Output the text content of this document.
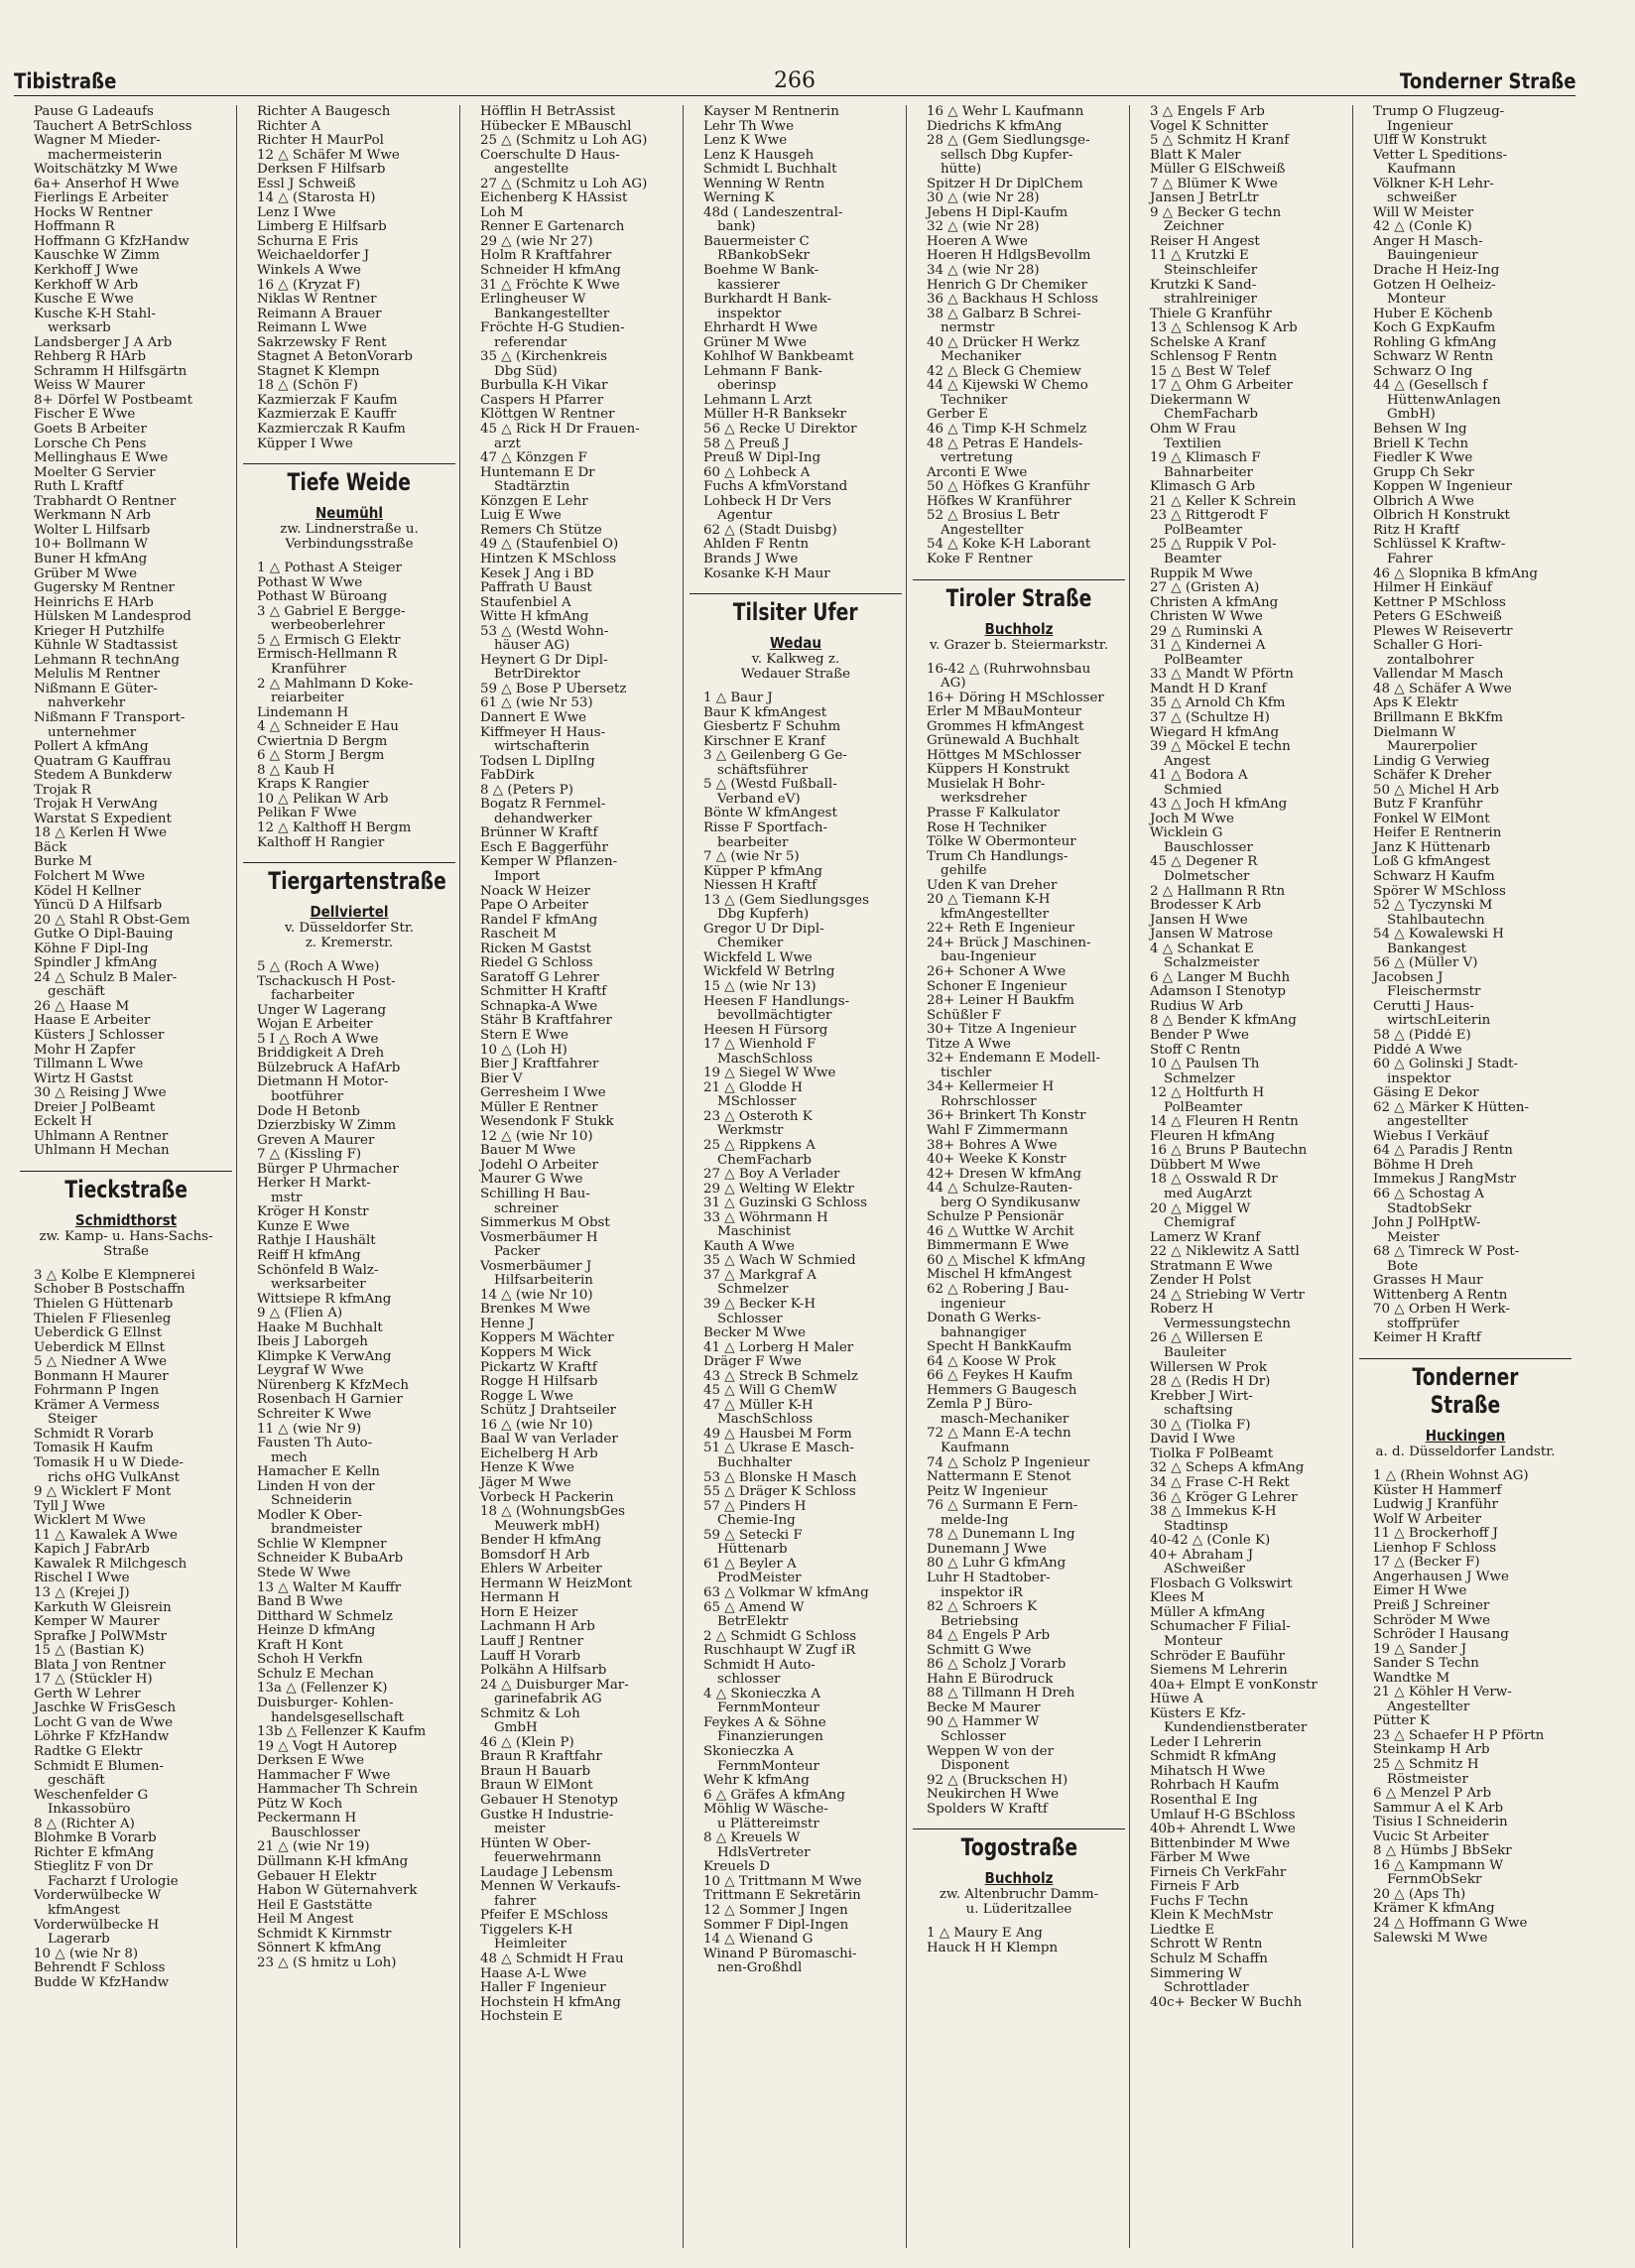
Tibistraße	266	Tonderner Straße
Pause G Ladeaufs
Tauchert A BetrSchloss
Wagner M Mieder-
machermeisterin
Woitschätzky M Wwe
6a+ Anserhof H Wwe
Fierlings E Arbeiter
Hocks W Rentner
Hoffmann R
Hoffmann G KfzHandw
Kauschke W Zimm
Kerkhoff J Wwe
Kerkhoff W Arb
Kusche E Wwe
Kusche K-H Stahl-
werksarb
Landsberger J A Arb
Rehberg R HArb
Schramm H Hilfsgärtn
Weiss W Maurer
8+ Dörfel W Postbeamt
Fischer E Wwe
Goets B Arbeiter
Lorsche Ch Pens
Mellinghaus E Wwe
Moelter G Servier
Ruth L Kraftf
Trabhardt O Rentner
Werkmann N Arb
Wolter L Hilfsarb
10+ Bollmann W
Buner H kfmAng
Grüber M Wwe
Gugersky M Rentner
Heinrichs E HArb
Hülsken M Landesprod
Krieger H Putzhilfe
Kühnle W Stadtassist
Lehmann R technAng
Melulis M Rentner
Nißmann E Güter-
nahverkehr
Nißmann F Transport-
unternehmer
Pollert A kfmAng
Quatram G Kauffrau
Stedem A Bunkderw
Trojak R
Trojak H VerwAng
Warstat S Expedient
18 △ Kerlen H Wwe
Bäck
Burke M
Folchert M Wwe
Ködel H Kellner
Yüncü D A Hilfsarb
20 △ Stahl R Obst-Gem
Gutke O Dipl-Bauing
Köhne F Dipl-Ing
Spindler J kfmAng
24 △ Schulz B Maler-
geschäft
26 △ Haase M
Haase E Arbeiter
Küsters J Schlosser
Mohr H Zapfer
Tillmann L Wwe
Wirtz H Gastst
30 △ Reising J Wwe
Dreier J PolBeamt
Eckelt H
Uhlmann A Rentner
Uhlmann H Mechan
Tieckstraße
Schmidthorst
zw. Kamp- u. Hans-Sachs-
Straße
3 △ Kolbe E Klempnerei
Schober B Postschaffn
Thielen G Hüttenarb
Thielen F Fliesenleg
Ueberdick G Ellnst
Ueberdick M Ellnst
5 △ Niedner A Wwe
Bonmann H Maurer
Fohrmann P Ingen
Krämer A Vermess
Steiger
Schmidt R Vorarb
Tomasik H Kaufm
Tomasik H u W Diede-
richs oHG VulkAnst
9 △ Wicklert F Mont
Tyll J Wwe
Wicklert M Wwe
11 △ Kawalek A Wwe
Kapich J FabrArb
Kawalek R Milchgesch
Rischel I Wwe
13 △ (Krejei J)
Karkuth W Gleisrein
Kemper W Maurer
Sprafke J PolWMstr
15 △ (Bastian K)
Blata J von Rentner
17 △ (Stückler H)
Gerth W Lehrer
Jaschke W FrisGesch
Locht G van de Wwe
Löhrke F KfzHandw
Radtke G Elektr
Schmidt E Blumen-
geschäft
Weschenfelder G
Inkassobüro
8 △ (Richter A)
Blohmke B Vorarb
Richter E kfmAng
Stieglitz F von Dr
Facharzt f Urologie
Vorderwülbecke W
kfmAngest
Vorderwülbecke H
Lagerarb
10 △ (wie Nr 8)
Behrendt F Schloss
Budde W KfzHandw
Richter A Baugesch
Richter A
Richter H MaurPol
12 △ Schäfer M Wwe
Derksen F Hilfsarb
Essl J Schweiß
14 △ (Starosta H)
Lenz I Wwe
Limberg E Hilfsarb
Schurna E Fris
Weichaeldorfer J
Winkels A Wwe
16 △ (Kryzat F)
Niklas W Rentner
Reimann A Brauer
Reimann L Wwe
Sakrzewsky F Rent
Stagnet A BetonVorarb
Stagnet K Klempn
18 △ (Schön F)
Kazmierzak F Kaufm
Kazmierzak E Kauffr
Kazmierczak R Kaufm
Küpper I Wwe
Tiefe Weide
Neumühl
zw. Lindnerstraße u.
Verbindungsstraße
1 △ Pothast A Steiger
Pothast W Wwe
Pothast W Büroang
3 △ Gabriel E Bergge-
werbeoberlehrer
5 △ Ermisch G Elektr
Ermisch-Hellmann R
Kranführer
2 △ Mahlmann D Koke-
reiarbeiter
Lindemann H
4 △ Schneider E Hau
Cwiertnia D Bergm
6 △ Storm J Bergm
8 △ Kaub H
Kraps K Rangier
10 △ Pelikan W Arb
Pelikan F Wwe
12 △ Kalthoff H Bergm
Kalthoff H Rangier
Tiergartenstraße
Dellviertel
v. Düsseldorfer Str.
z. Kremerstr.
5 △ (Roch A Wwe)
Tschackusch H Post-
facharbeiter
Unger W Lagerang
Wojan E Arbeiter
5 I △ Roch A Wwe
Briddigkeit A Dreh
Bülzebruck A HafArb
Dietmann H Motor-
bootführer
Dode H Betonb
Dzierzbisky W Zimm
Greven A Maurer
7 △ (Kissling F)
Bürger P Uhrmacher
Herker H Markt-
mstr
Kröger H Konstr
Kunze E Wwe
Rathje I Haushält
Reiff H kfmAng
Schönfeld B Walz-
werksarbeiter
Wittsiepe R kfmAng
9 △ (Flien A)
Haake M Buchhalt
Ibeis J Laborgeh
Klimpke K VerwAng
Leygraf W Wwe
Nürenberg K KfzMech
Rosenbach H Garnier
Schreiter K Wwe
11 △ (wie Nr 9)
Fausten Th Auto-
mech
Hamacher E Kelln
Linden H von der
Schneiderin
Modler K Ober-
brandmeister
Schlie W Klempner
Schneider K BubaArb
Stede W Wwe
13 △ Walter M Kauffr
Band B Wwe
Ditthard W Schmelz
Heinze D kfmAng
Kraft H Kont
Schoh H Verkfn
Schulz E Mechan
13a △ (Fellenzer K)
Duisburger- Kohlen-
handelsgesellschaft
13b △ Fellenzer K Kaufm
19 △ Vogt H Autorep
Derksen E Wwe
Hammacher F Wwe
Hammacher Th Schrein
Pütz W Koch
Peckermann H
Bauschlosser
21 △ (wie Nr 19)
Düllmann K-H kfmAng
Gebauer H Elektr
Habon W Güternahverk
Heil E Gaststätte
Heil M Angest
Schmidt K Kirnmstr
Sönnert K kfmAng
23 △ (S hmitz u Loh)
Höfflin H BetrAssist
Hübecker E MBauschl
25 △ (Schmitz u Loh AG)
Coerschulte D Haus-
angestellte
27 △ (Schmitz u Loh AG)
Eichenberg K HAssist
Loh M
Renner E Gartenarch
29 △ (wie Nr 27)
Holm R Kraftfahrer
Schneider H kfmAng
31 △ Fröchte K Wwe
Erlingheuser W
Bankangestellter
Fröchte H-G Studien-
referendar
35 △ (Kirchenkreis
Dbg Süd)
Burbulla K-H Vikar
Caspers H Pfarrer
Klöttgen W Rentner
45 △ Rick H Dr Frauen-
arzt
47 △ Könzgen F
Huntemann E Dr
Stadtärztin
Könzgen E Lehr
Luig E Wwe
Remers Ch Stütze
49 △ (Staufenbiel O)
Hintzen K MSchloss
Kesek J Ang i BD
Paffrath U Baust
Staufenbiel A
Witte H kfmAng
53 △ (Westd Wohn-
häuser AG)
Heynert G Dr Dipl-
BetrDirektor
59 △ Bose P Übersetz
61 △ (wie Nr 53)
Dannert E Wwe
Kiffmeyer H Haus-
wirtschafterin
Todsen L DiplIng
FabDirk
8 △ (Peters P)
Bogatz R Fernmel-
dehandwerker
Brünner W Kraftf
Esch E Baggerführ
Kemper W Pflanzen-
Import
Noack W Heizer
Pape O Arbeiter
Randel F kfmAng
Rascheit M
Ricken M Gastst
Riedel G Schloss
Saratoff G Lehrer
Schmitter H Kraftf
Schnapka-A Wwe
Stähr B Kraftfahrer
Stern E Wwe
10 △ (Loh H)
Bier J Kraftfahrer
Bier V
Gerresheim I Wwe
Müller E Rentner
Wesendonk F Stukk
12 △ (wie Nr 10)
Bauer M Wwe
Jodehl O Arbeiter
Maurer G Wwe
Schilling H Bau-
schreiner
Simmerkus M Obst
Vosmerbäumer H
Packer
Vosmerbäumer J
Hilfsarbeiterin
14 △ (wie Nr 10)
Brenkes M Wwe
Henne J
Koppers M Wächter
Koppers M Wick
Pickartz W Kraftf
Rogge H Hilfsarb
Rogge L Wwe
Schütz J Drahtseiler
16 △ (wie Nr 10)
Baal W van Verlader
Eichelberg H Arb
Henze K Wwe
Jäger M Wwe
Vorbeck H Packerin
18 △ (WohnungsbGes
Meuwerk mbH)
Bender H kfmAng
Bomsdorf H Arb
Ehlers W Arbeiter
Hermann W HeizMont
Hermann H
Horn E Heizer
Lachmann H Arb
Lauff J Rentner
Lauff H Vorarb
Polkähn A Hilfsarb
24 △ Duisburger Mar-
garinefabrik AG
Schmitz & Loh
GmbH
46 △ (Klein P)
Braun R Kraftfahr
Braun H Bauarb
Braun W ElMont
Gebauer H Stenotyp
Gustke H Industrie-
meister
Hünten W Ober-
feuerwehrmann
Laudage J Lebensm
Mennen W Verkaufs-
fahrer
Pfeifer E MSchloss
Tiggelers K-H
Heimleiter
48 △ Schmidt H Frau
Haase A-L Wwe
Haller F Ingenieur
Hochstein H kfmAng
Hochstein E
Kayser M Rentnerin
Lehr Th Wwe
Lenz K Wwe
Lenz K Hausgeh
Schmidt L Buchhalt
Wenning W Rentn
Werning K
48d ( Landeszentral-
bank)
Bauermeister C
RBankobSekr
Boehme W Bank-
kassierer
Burkhardt H Bank-
inspektor
Ehrhardt H Wwe
Grüner M Wwe
Kohlhof W Bankbeamt
Lehmann F Bank-
oberinsp
Lehmann L Arzt
Müller H-R Banksekr
56 △ Recke U Direktor
58 △ Preuß J
Preuß W Dipl-Ing
60 △ Lohbeck A
Fuchs A kfmVorstand
Lohbeck H Dr Vers
Agentur
62 △ (Stadt Duisbg)
Ahlden F Rentn
Brands J Wwe
Kosanke K-H Maur
Tilsiter Ufer
Wedau
v. Kalkweg z.
Wedauer Straße
1 △ Baur J
Baur K kfmAngest
Giesbertz F Schuhm
Kirschner E Kranf
3 △ Geilenberg G Ge-
schäftsführer
5 △ (Westd Fußball-
Verband eV)
Bönte W kfmAngest
Risse F Sportfach-
bearbeiter
7 △ (wie Nr 5)
Küpper P kfmAng
Niessen H Kraftf
13 △ (Gem Siedlungsges
Dbg Kupferh)
Gregor U Dr Dipl-
Chemiker
Wickfeld L Wwe
Wickfeld W Betrlng
15 △ (wie Nr 13)
Heesen F Handlungs-
bevollmächtigter
Heesen H Fürsorg
17 △ Wienhold F
MaschSchloss
19 △ Siegel W Wwe
21 △ Glodde H
MSchlosser
23 △ Osteroth K
Werkmstr
25 △ Rippkens A
ChemFacharb
27 △ Boy A Verlader
29 △ Welting W Elektr
31 △ Guzinski G Schloss
33 △ Wöhrmann H
Maschinist
Kauth A Wwe
35 △ Wach W Schmied
37 △ Markgraf A
Schmelzer
39 △ Becker K-H
Schlosser
Becker M Wwe
41 △ Lorberg H Maler
Dräger F Wwe
43 △ Streck B Schmelz
45 △ Will G ChemW
47 △ Müller K-H
MaschSchloss
49 △ Hausbei M Form
51 △ Ukrase E Masch-
Buchhalter
53 △ Blonske H Masch
55 △ Dräger K Schloss
57 △ Pinders H
Chemie-Ing
59 △ Setecki F
Hüttenarb
61 △ Beyler A
ProdMeister
63 △ Volkmar W kfmAng
65 △ Amend W
BetrElektr
2 △ Schmidt G Schloss
Ruschhaupt W Zugf iR
Schmidt H Auto-
schlosser
4 △ Skonieczka A
FernmMonteur
Feykes A & Söhne
Finanzierungen
Skonieczka A
FernmMonteur
Wehr K kfmAng
6 △ Gräfes A kfmAng
Möhlig W Wäsche-
u Plättereimstr
8 △ Kreuels W
HdlsVertreter
Kreuels D
10 △ Trittmann M Wwe
Trittmann E Sekretärin
12 △ Sommer J Ingen
Sommer F Dipl-Ingen
14 △ Wienand G
Winand P Büromaschi-
nen-Großhdl
16 △ Wehr L Kaufmann
Diedrichs K kfmAng
28 △ (Gem Siedlungsge-
sellsch Dbg Kupfer-
hütte)
Spitzer H Dr DiplChem
30 △ (wie Nr 28)
Jebens H Dipl-Kaufm
32 △ (wie Nr 28)
Hoeren A Wwe
Hoeren H HdlgsBevollm
34 △ (wie Nr 28)
Henrich G Dr Chemiker
36 △ Backhaus H Schloss
38 △ Galbarz B Schrei-
nermstr
40 △ Drücker H Werkz
Mechaniker
42 △ Bleck G Chemiew
44 △ Kijewski W Chemo
Techniker
Gerber E
46 △ Timp K-H Schmelz
48 △ Petras E Handels-
vertretung
Arconti E Wwe
50 △ Höfkes G Kranführ
Höfkes W Kranführer
52 △ Brosius L Betr
Angestellter
54 △ Koke K-H Laborant
Koke F Rentner
Tiroler Straße
Buchholz
v. Grazer b. Steiermarkstr.
16-42 △ (Ruhrwohnsbau
AG)
16+ Döring H MSchlosser
Erler M MBauMonteur
Grommes H kfmAngest
Grünewald A Buchhalt
Höttges M MSchlosser
Küppers H Konstrukt
Musielak H Bohr-
werksdreher
Prasse F Kalkulator
Rose H Techniker
Tölke W Obermonteur
Trum Ch Handlungs-
gehilfe
Uden K van Dreher
20 △ Tiemann K-H
kfmAngestellter
22+ Reth E Ingenieur
24+ Brück J Maschinen-
bau-Ingenieur
26+ Schoner A Wwe
Schoner E Ingenieur
28+ Leiner H Baukfm
Schüßler F
30+ Titze A Ingenieur
Titze A Wwe
32+ Endemann E Modell-
tischler
34+ Kellermeier H
Rohrschlosser
36+ Brinkert Th Konstr
Wahl F Zimmermann
38+ Bohres A Wwe
40+ Weeke K Konstr
42+ Dresen W kfmAng
44 △ Schulze-Rauten-
berg O Syndikusanw
Schulze P Pensionär
46 △ Wuttke W Archit
Bimmermann E Wwe
60 △ Mischel K kfmAng
Mischel H kfmAngest
62 △ Robering J Bau-
ingenieur
Donath G Werks-
bahnangiger
Specht H BankKaufm
64 △ Koose W Prok
66 △ Feykes H Kaufm
Hemmers G Baugesch
Zemla P J Büro-
masch-Mechaniker
72 △ Mann E-A techn
Kaufmann
74 △ Scholz P Ingenieur
Nattermann E Stenot
Peitz W Ingenieur
76 △ Surmann E Fern-
melde-Ing
78 △ Dunemann L Ing
Dunemann J Wwe
80 △ Luhr G kfmAng
Luhr H Stadtober-
inspektor iR
82 △ Schroers K
Betriebsing
84 △ Engels P Arb
Schmitt G Wwe
86 △ Scholz J Vorarb
Hahn E Bürodruck
88 △ Tillmann H Dreh
Becke M Maurer
90 △ Hammer W
Schlosser
Weppen W von der
Disponent
92 △ (Bruckschen H)
Neukirchen H Wwe
Spolders W Kraftf
Togostraße
Buchholz
zw. Altenbruchr Damm-
u. Lüderitzallee
1 △ Maury E Ang
Hauck H H Klempn
3 △ Engels F Arb
Vogel K Schnitter
5 △ Schmitz H Kranf
Blatt K Maler
Müller G ElSchweiß
7 △ Blümer K Wwe
Jansen J BetrLtr
9 △ Becker G techn
Zeichner
Reiser H Angest
11 △ Krutzki E
Steinschleifer
Krutzki K Sand-
strahlreiniger
Thiele G Kranführ
13 △ Schlensog K Arb
Schelske A Kranf
Schlensog F Rentn
15 △ Best W Telef
17 △ Ohm G Arbeiter
Diekermann W
ChemFacharb
Ohm W Frau
Textilien
19 △ Klimasch F
Bahnarbeiter
Klimasch G Arb
21 △ Keller K Schrein
23 △ Rittgerodt F
PolBeamter
25 △ Ruppik V Pol-
Beamter
Ruppik M Wwe
27 △ (Gristen A)
Christen A kfmAng
Christen W Wwe
29 △ Ruminski A
31 △ Kindernei A
PolBeamter
33 △ Mandt W Pförtn
Mandt H D Kranf
35 △ Arnold Ch Kfm
37 △ (Schultze H)
Wiegard H kfmAng
39 △ Möckel E techn
Angest
41 △ Bodora A
Schmied
43 △ Joch H kfmAng
Joch M Wwe
Wicklein G
Bauschlosser
45 △ Degener R
Dolmetscher
2 △ Hallmann R Rtn
Brodesser K Arb
Jansen H Wwe
Jansen W Matrose
4 △ Schankat E
Schalzmeister
6 △ Langer M Buchh
Adamson I Stenotyp
Rudius W Arb
8 △ Bender K kfmAng
Bender P Wwe
Stoff C Rentn
10 △ Paulsen Th
Schmelzer
12 △ Holtfurth H
PolBeamter
14 △ Fleuren H Rentn
Fleuren H kfmAng
16 △ Bruns P Bautechn
Dübbert M Wwe
18 △ Osswald R Dr
med AugArzt
20 △ Miggel W
Chemigraf
Lamerz W Kranf
22 △ Niklewitz A Sattl
Stratmann E Wwe
Zender H Polst
24 △ Striebing W Vertr
Roberz H
Vermessungstechn
26 △ Willersen E
Bauleiter
Willersen W Prok
28 △ (Redis H Dr)
Krebber J Wirt-
schaftsing
30 △ (Tiolka F)
David I Wwe
Tiolka F PolBeamt
32 △ Scheps A kfmAng
34 △ Frase C-H Rekt
36 △ Kröger G Lehrer
38 △ Immekus K-H
Stadtinsp
40-42 △ (Conle K)
40+ Abraham J
ASchweißer
Flosbach G Volkswirt
Klees M
Müller A kfmAng
Schumacher F Filial-
Monteur
Schröder E Bauführ
Siemens M Lehrerin
40a+ Elmpt E vonKonstr
Hüwe A
Küsters E Kfz-
Kundendienstberater
Leder I Lehrerin
Schmidt R kfmAng
Mihatsch H Wwe
Rohrbach H Kaufm
Rosenthal E Ing
Umlauf H-G BSchloss
40b+ Ahrendt L Wwe
Bittenbinder M Wwe
Färber M Wwe
Firneis Ch VerkFahr
Firneis F Arb
Fuchs F Techn
Klein K MechMstr
Liedtke E
Schrott W Rentn
Schulz M Schaffn
Simmering W
Schrottlader
40c+ Becker W Buchh
Trump O Flugzeug-
Ingenieur
Ulff W Konstrukt
Vetter L Speditions-
Kaufmann
Völkner K-H Lehr-
schweißer
Will W Meister
42 △ (Conle K)
Anger H Masch-
Bauingenieur
Drache H Heiz-Ing
Gotzen H Oelheiz-
Monteur
Huber E Köchenb
Koch G ExpKaufm
Rohling G kfmAng
Schwarz W Rentn
Schwarz O Ing
44 △ (Gesellsch f
HüttenwAnlagen
GmbH)
Behsen W Ing
Briell K Techn
Fiedler K Wwe
Grupp Ch Sekr
Koppen W Ingenieur
Olbrich A Wwe
Olbrich H Konstrukt
Ritz H Kraftf
Schlüssel K Kraftw-
Fahrer
46 △ Slopnika B kfmAng
Hilmer H Einkäuf
Kettner P MSchloss
Peters G ESchweiß
Plewes W Reisevertr
Schaller G Hori-
zontalbohrer
Vallendar M Masch
48 △ Schäfer A Wwe
Aps K Elektr
Brillmann E BkKfm
Dielmann W
Maurerpolier
Lindig G Verwieg
Schäfer K Dreher
50 △ Michel H Arb
Butz F Kranführ
Fonkel W ElMont
Heifer E Rentnerin
Janz K Hüttenarb
Loß G kfmAngest
Schwarz H Kaufm
Spörer W MSchloss
52 △ Tyczynski M
Stahlbautechn
54 △ Kowalewski H
Bankangest
56 △ (Müller V)
Jacobsen J
Fleischermstr
Cerutti J Haus-
wirtschLeiterin
58 △ (Piddé E)
Piddé A Wwe
60 △ Golinski J Stadt-
inspektor
Gäsing E Dekor
62 △ Märker K Hütten-
angestellter
Wiebus I Verkäuf
64 △ Paradis J Rentn
Böhme H Dreh
Immekus J RangMstr
66 △ Schostag A
StadtobSekr
John J PolHptW-
Meister
68 △ Timreck W Post-
Bote
Grasses H Maur
Wittenberg A Rentn
70 △ Orben H Werk-
stoffprüfer
Keimer H Kraftf
Tonderner Straße
Huckingen
a. d. Düsseldorfer Landstr.
1 △ (Rhein Wohnst AG)
Küster H Hammerf
Ludwig J Kranführ
Wolf W Arbeiter
11 △ Brockerhoff J
Lienhop F Schloss
17 △ (Becker F)
Angerhausen J Wwe
Eimer H Wwe
Preiß J Schreiner
Schröder M Wwe
Schröder I Hausang
19 △ Sander J
Sander S Techn
Wandtke M
21 △ Köhler H Verw-
Angestellter
Pütter K
23 △ Schaefer H P Pförtn
Steinkamp H Arb
25 △ Schmitz H
Röstmeister
6 △ Menzel P Arb
Sammur A el K Arb
Tisius I Schneiderin
Vucic St Arbeiter
8 △ Hümbs J BbSekr
16 △ Kampmann W
FernmObSekr
20 △ (Aps Th)
Krämer K kfmAng
24 △ Hoffmann G Wwe
Salewski M Wwe
